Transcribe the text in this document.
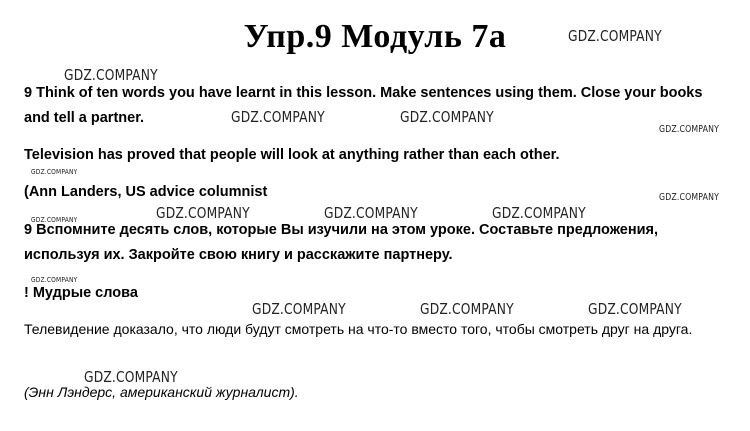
Упр.9 Модуль 7а
9 Think of ten words you have learnt in this lesson. Make sentences using them. Close your books and tell a partner.
Television has proved that people will look at anything rather than each other.
(Ann Landers, US advice columnist
9 Вспомните десять слов, которые Вы изучили на этом уроке. Составьте предложения, используя их. Закройте свою книгу и расскажите партнеру.
! Мудрые слова
Телевидение доказало, что люди будут смотреть на что-то вместо того, чтобы смотреть друг на друга.
(Энн Лэндерс, американский журналист).
GDZ.COMPANY
GDZ.COMPANY
GDZ.COMPANY	GDZ.COMPANY
GDZ.COMPANY
GDZ.COMPANY
GDZ.COMPANY
GDZ.COMPANY	GDZ.COMPANY	GDZ.COMPANY
GDZ.COMPANY
GDZ.COMPANY
GDZ.COMPANY	GDZ.COMPANY	GDZ.COMPANY
GDZ.COMPANY
